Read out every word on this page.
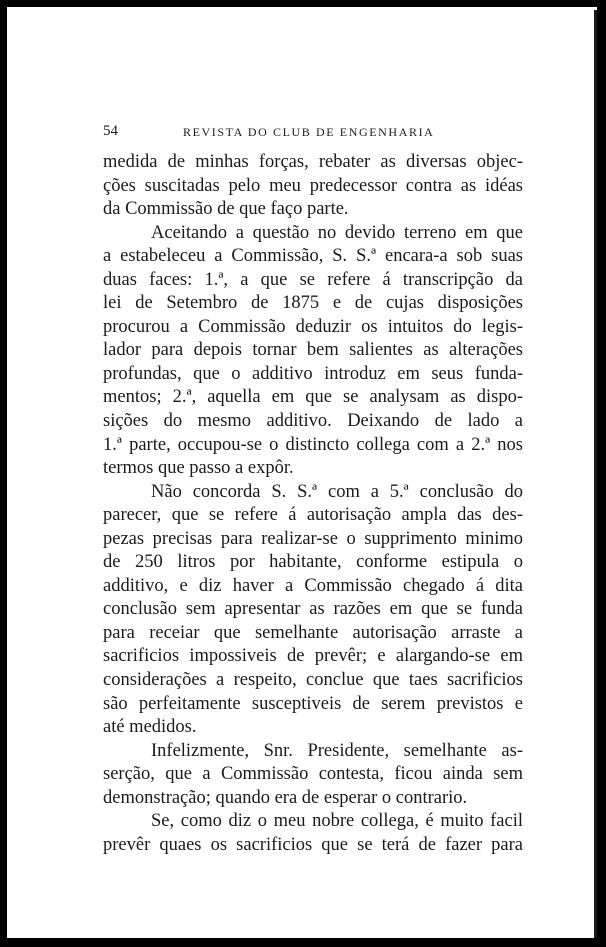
54	REVISTA DO CLUB DE ENGENHARIA
medida de minhas forças, rebater as diversas objec-
ções suscitadas pelo meu predecessor contra as idéas
da Commissão de que faço parte.
Aceitando a questão no devido terreno em que
a estabeleceu a Commissão, S. S.ª encara-a sob suas
duas faces: 1.ª, a que se refere á transcripção da
lei de Setembro de 1875 e de cujas disposições
procurou a Commissão deduzir os intuitos do legis-
lador para depois tornar bem salientes as alterações
profundas, que o additivo introduz em seus funda-
mentos; 2.ª, aquella em que se analysam as dispo-
sições do mesmo additivo. Deixando de lado a
1.ª parte, occupou-se o distincto collega com a 2.ª nos
termos que passo a expôr.
Não concorda S. S.ª com a 5.ª conclusão do
parecer, que se refere á autorisação ampla das des-
pezas precisas para realizar-se o supprimento minimo
de 250 litros por habitante, conforme estipula o
additivo, e diz haver a Commissão chegado á dita
conclusão sem apresentar as razões em que se funda
para receiar que semelhante autorisação arraste a
sacrificios impossiveis de prevêr; e alargando-se em
considerações a respeito, conclue que taes sacrificios
são perfeitamente susceptiveis de serem previstos e
até medidos.
Infelizmente, Snr. Presidente, semelhante as-
serção, que a Commissão contesta, ficou ainda sem
demonstração; quando era de esperar o contrario.
Se, como diz o meu nobre collega, é muito facil
prevêr quaes os sacrificios que se terá de fazer para
